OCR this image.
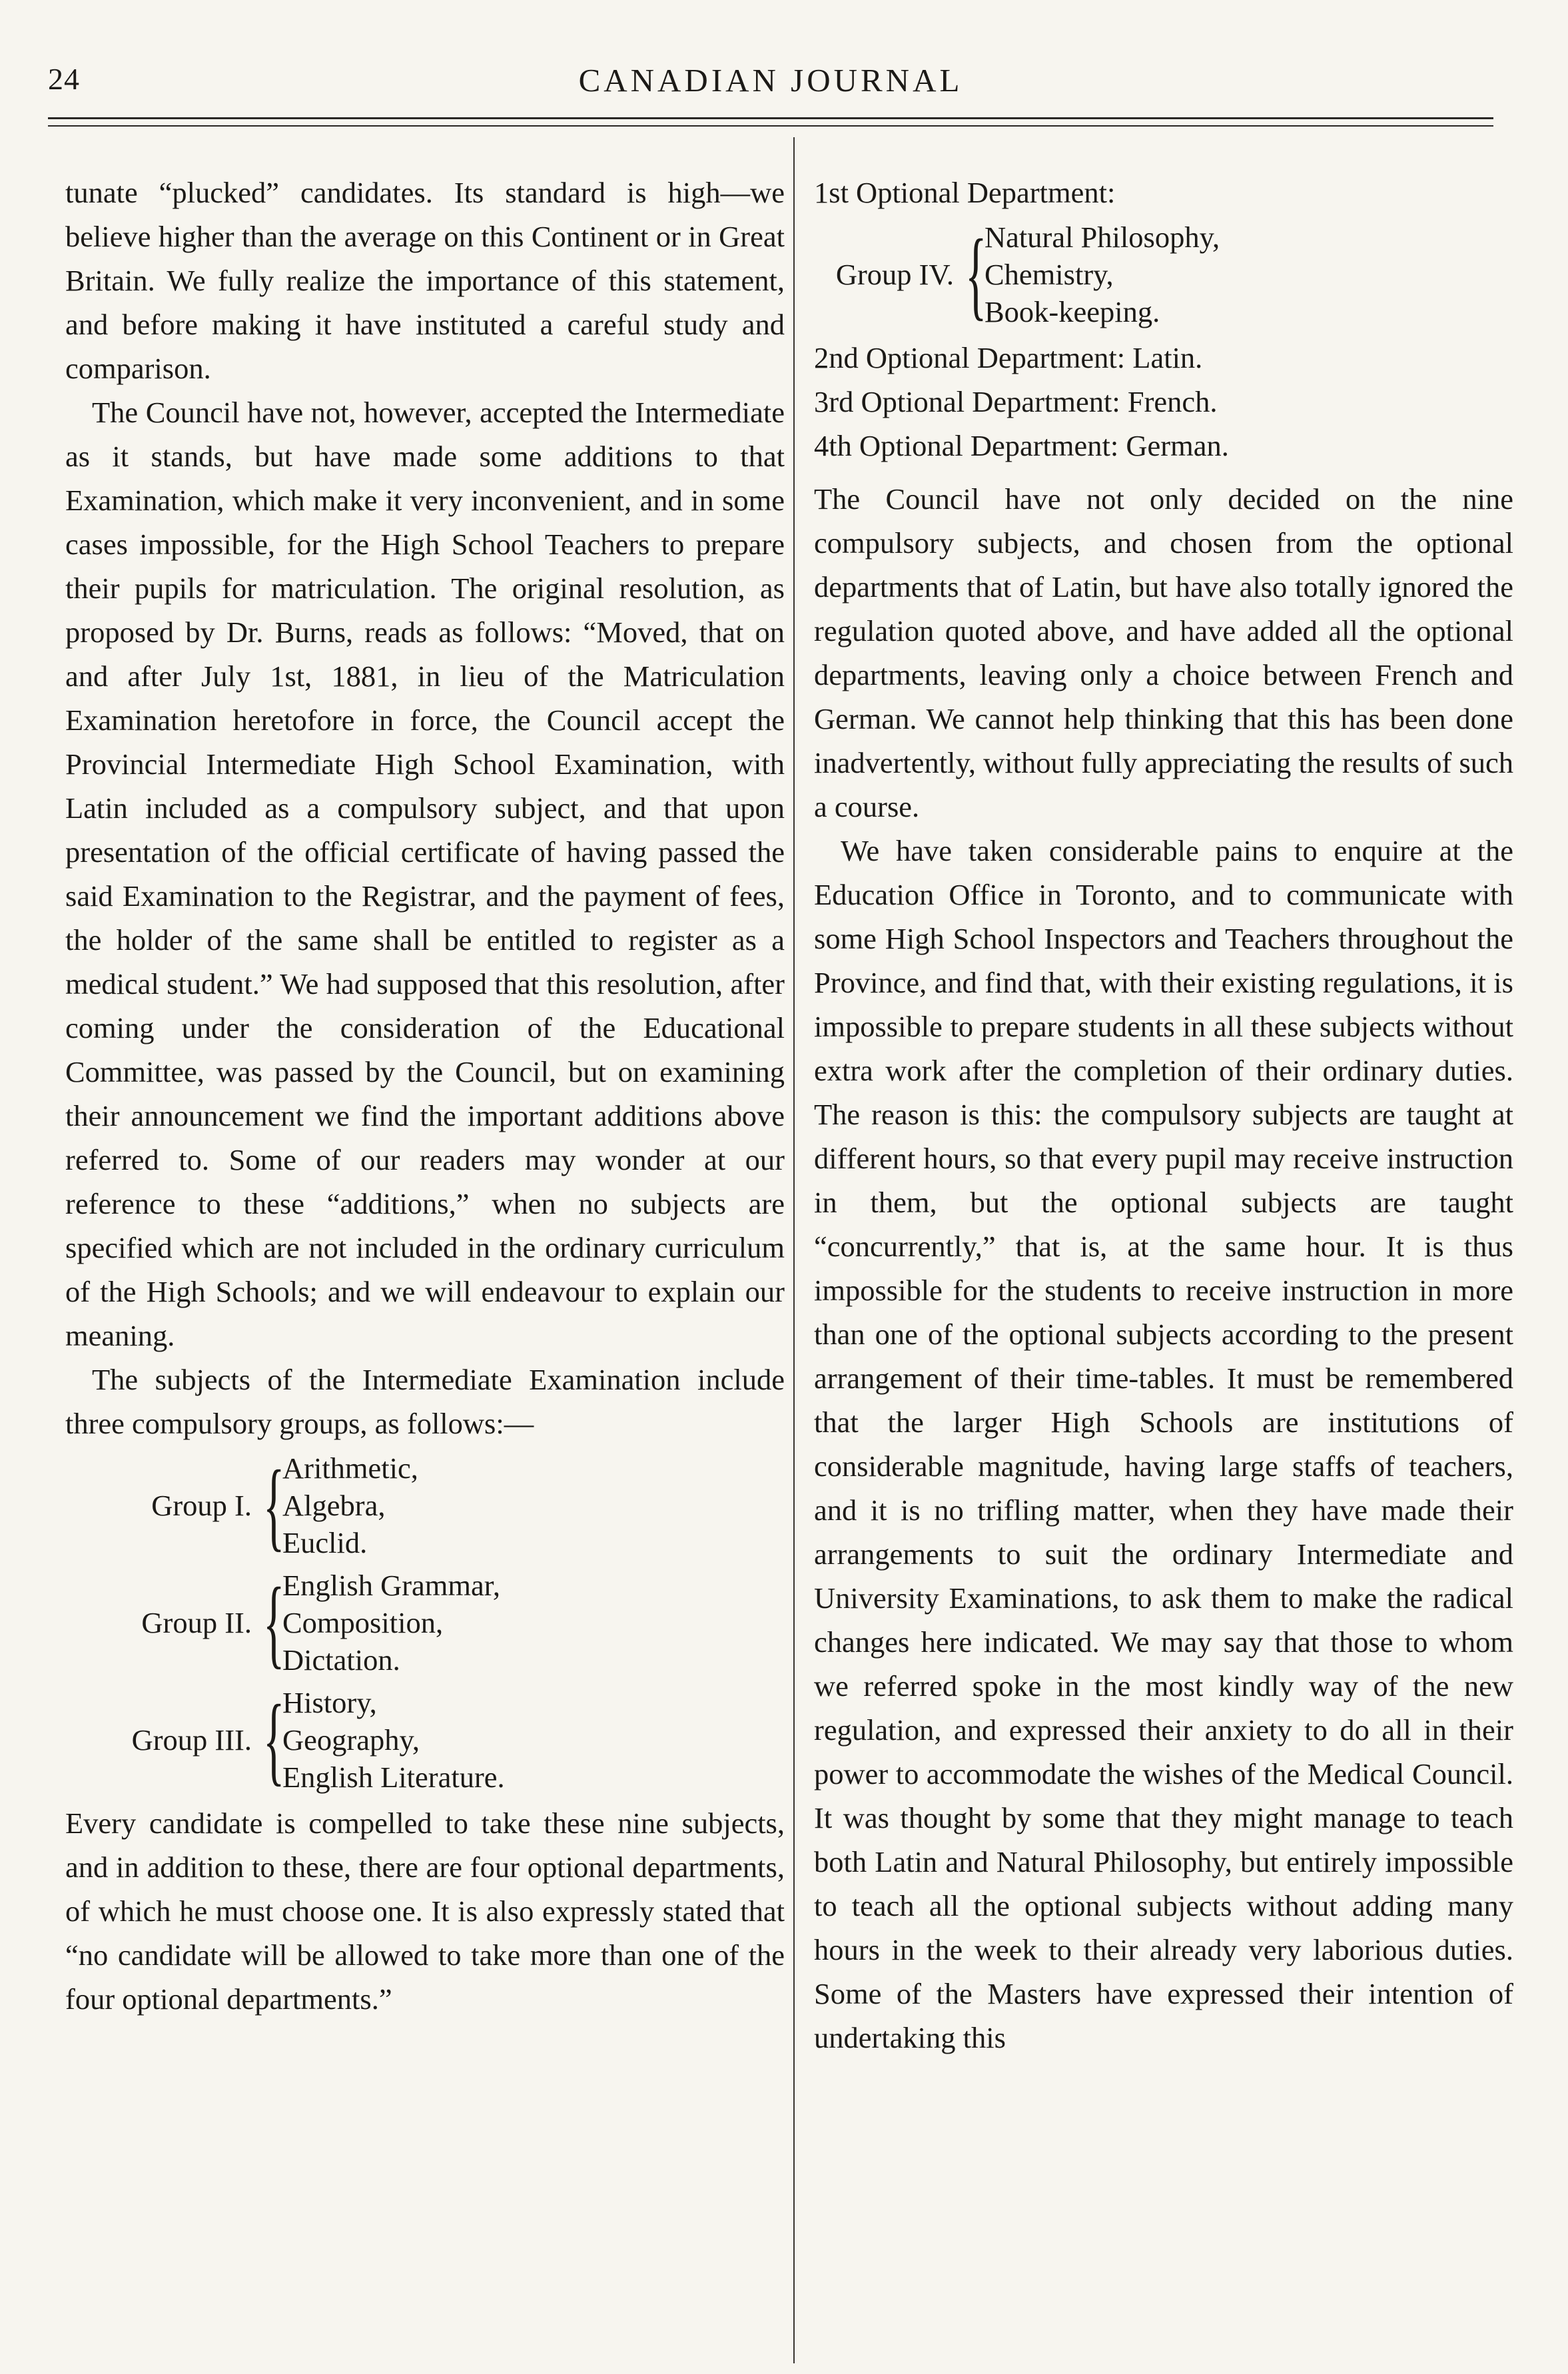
24	CANADIAN JOURNAL

tunate “plucked” candidates. Its standard is high—we believe higher than the average on this Continent or in Great Britain. We fully realize the importance of this statement, and before making it have instituted a careful study and comparison.

The Council have not, however, accepted the Intermediate as it stands, but have made some additions to that Examination, which make it very inconvenient, and in some cases impossible, for the High School Teachers to prepare their pupils for matriculation. The original resolution, as proposed by Dr. Burns, reads as follows: “Moved, that on and after July 1st, 1881, in lieu of the Matriculation Examination heretofore in force, the Council accept the Provincial Intermediate High School Examination, with Latin included as a compulsory subject, and that upon presentation of the official certificate of having passed the said Examination to the Registrar, and the payment of fees, the holder of the same shall be entitled to register as a medical student.” We had supposed that this resolution, after coming under the consideration of the Educational Committee, was passed by the Council, but on examining their announcement we find the important additions above referred to. Some of our readers may wonder at our reference to these “additions,” when no subjects are specified which are not included in the ordinary curriculum of the High Schools; and we will endeavour to explain our meaning.

The subjects of the Intermediate Examination include three compulsory groups, as follows:—

Group I. {
Arithmetic,
Algebra,
Euclid.
Group II. {
English Grammar,
Composition,
Dictation.
Group III. {
History,
Geography,
English Literature.

Every candidate is compelled to take these nine subjects, and in addition to these, there are four optional departments, of which he must choose one. It is also expressly stated that “no candidate will be allowed to take more than one of the four optional departments.”

1st Optional Department:

Group IV. {
Natural Philosophy,
Chemistry,
Book-keeping.

2nd Optional Department: Latin.

3rd Optional Department: French.

4th Optional Department: German.

The Council have not only decided on the nine compulsory subjects, and chosen from the optional departments that of Latin, but have also totally ignored the regulation quoted above, and have added all the optional departments, leaving only a choice between French and German. We cannot help thinking that this has been done inadvertently, without fully appreciating the results of such a course.

We have taken considerable pains to enquire at the Education Office in Toronto, and to communicate with some High School Inspectors and Teachers throughout the Province, and find that, with their existing regulations, it is impossible to prepare students in all these subjects without extra work after the completion of their ordinary duties. The reason is this: the compulsory subjects are taught at different hours, so that every pupil may receive instruction in them, but the optional subjects are taught “concurrently,” that is, at the same hour. It is thus impossible for the students to receive instruction in more than one of the optional subjects according to the present arrangement of their time-tables. It must be remembered that the larger High Schools are institutions of considerable magnitude, having large staffs of teachers, and it is no trifling matter, when they have made their arrangements to suit the ordinary Intermediate and University Examinations, to ask them to make the radical changes here indicated. We may say that those to whom we referred spoke in the most kindly way of the new regulation, and expressed their anxiety to do all in their power to accommodate the wishes of the Medical Council. It was thought by some that they might manage to teach both Latin and Natural Philosophy, but entirely impossible to teach all the optional subjects without adding many hours in the week to their already very laborious duties. Some of the Masters have expressed their intention of undertaking this
